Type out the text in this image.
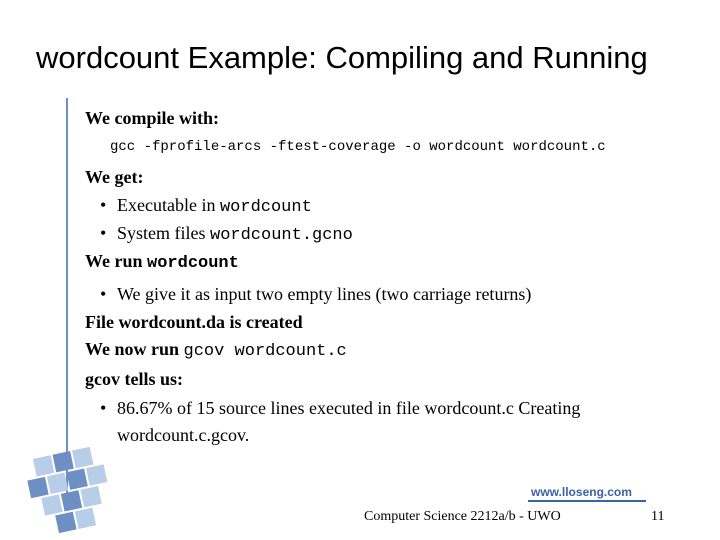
wordcount Example: Compiling and Running
We compile with:
gcc -fprofile-arcs -ftest-coverage -o wordcount wordcount.c
We get:
• Executable in wordcount
• System files wordcount.gcno
We run wordcount
• We give it as input two empty lines (two carriage returns)
File wordcount.da is created
We now run gcov wordcount.c
gcov tells us:
• 86.67% of 15 source lines executed in file wordcount.c Creating
wordcount.c.gcov.
www.lloseng.com
Computer Science 2212a/b - UWO	11
